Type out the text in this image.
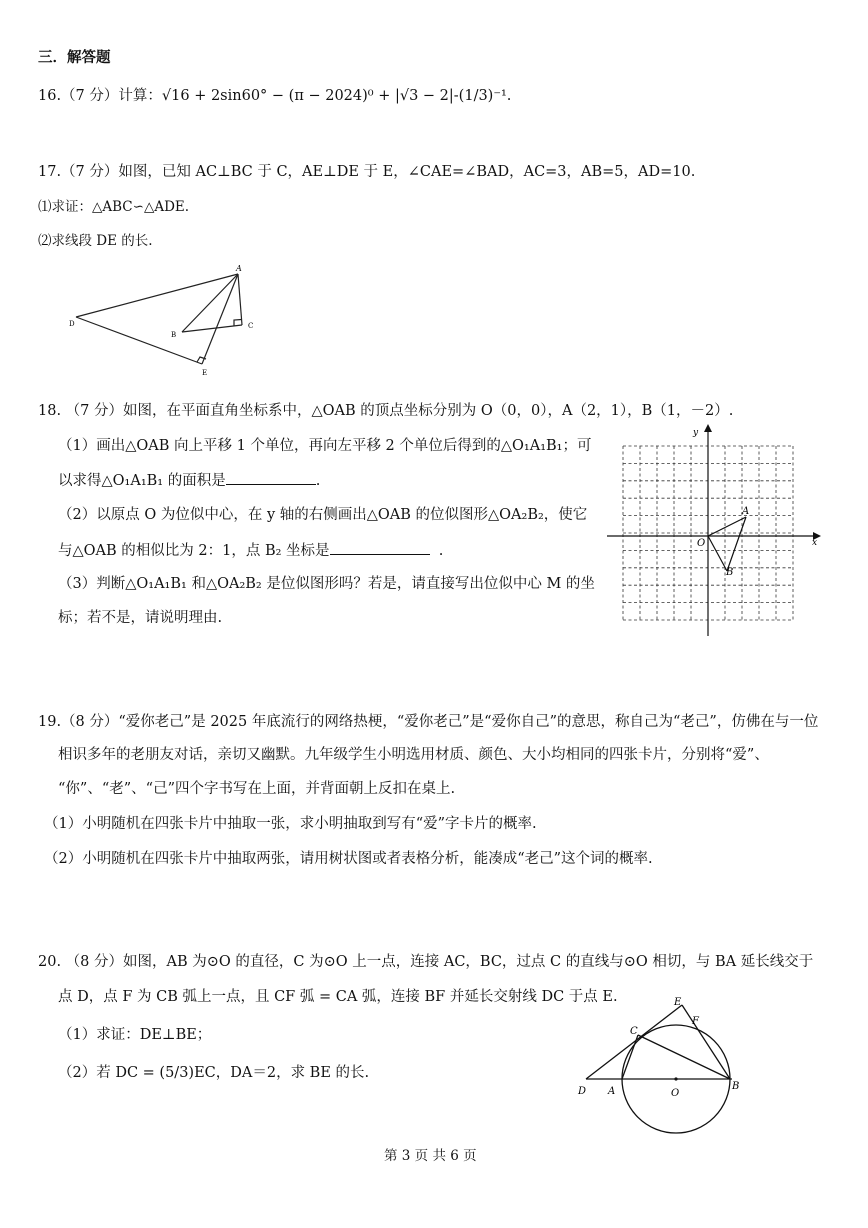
三．解答题
16.（7 分）计算：√16 + 2sin60° − (π − 2024)⁰ + |√3 − 2|-(1/3)⁻¹.
17.（7 分）如图，已知 AC⊥BC 于 C，AE⊥DE 于 E，∠CAE=∠BAD，AC=3，AB=5，AD=10.
⑴求证：△ABC∽△ADE.
⑵求线段 DE 的长.
A
B
C
D
E
18. （7 分）如图，在平面直角坐标系中，△OAB 的顶点坐标分别为 O（0，0），A（2，1），B（1，－2）.
（1）画出△OAB 向上平移 1 个单位，再向左平移 2 个单位后得到的△O₁A₁B₁；可
以求得△O₁A₁B₁ 的面积是	.
（2）以原点 O 为位似中心，在 y 轴的右侧画出△OAB 的位似图形△OA₂B₂，使它
与△OAB 的相似比为 2：1，点 B₂ 坐标是	.
（3）判断△O₁A₁B₁ 和△OA₂B₂ 是位似图形吗？若是，请直接写出位似中心 M 的坐
标；若不是，请说明理由.
x
y
O
A
B
19.（8 分）“爱你老己”是 2025 年底流行的网络热梗，“爱你老己”是“爱你自己”的意思，称自己为“老己”，仿佛在与一位
相识多年的老朋友对话，亲切又幽默。九年级学生小明选用材质、颜色、大小均相同的四张卡片，分别将“爱”、
“你”、“老”、“己”四个字书写在上面，并背面朝上反扣在桌上.
（1）小明随机在四张卡片中抽取一张，求小明抽取到写有“爱”字卡片的概率.
（2）小明随机在四张卡片中抽取两张，请用树状图或者表格分析，能凑成“老己”这个词的概率.
20. （8 分）如图，AB 为⊙O 的直径，C 为⊙O 上一点，连接 AC，BC，过点 C 的直线与⊙O 相切，与 BA 延长线交于
点 D，点 F 为 CB 弧上一点，且 CF 弧 = CA 弧，连接 BF 并延长交射线 DC 于点 E.
（1）求证：DE⊥BE；
（2）若 DC = (5/3)EC，DA＝2，求 BE 的长.
E
F
C
D A	O
B
第 3 页 共 6 页
